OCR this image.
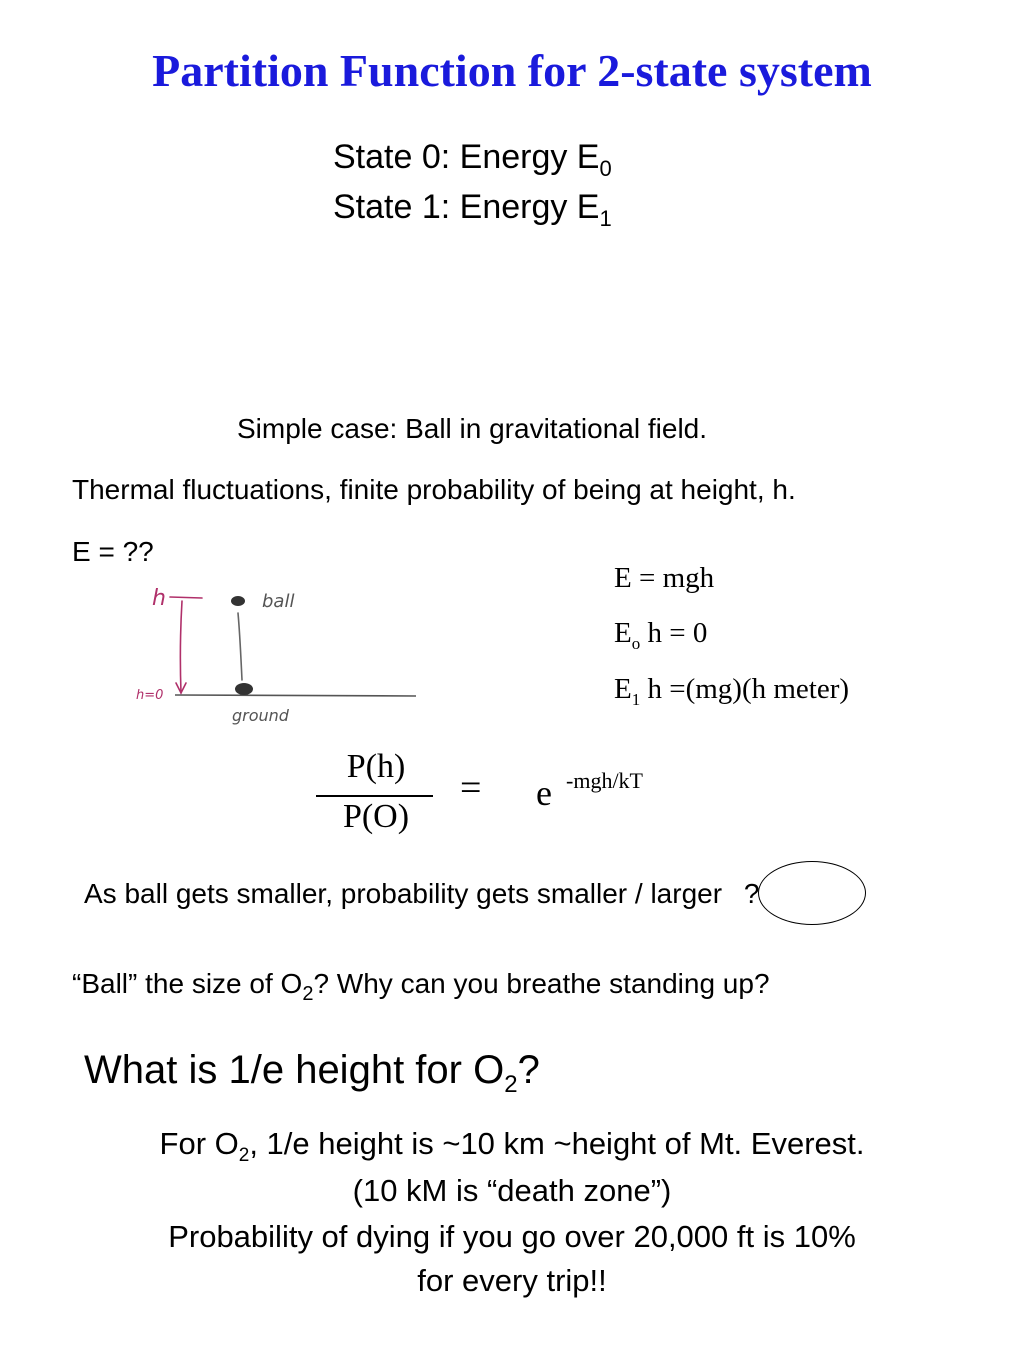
Partition Function for 2-state system
State 0: Energy $E_0$
State 1: Energy $E_1$
Simple case: Ball in gravitational field.
Thermal fluctuations, finite probability of being at height, h.
E = ??
h
h=0
ball
ground
E = mgh
$E_o$ h = 0
$E_1$ h =(mg)(h meter)
P(h)
P(O)
= e -mgh/kT
As ball gets smaller, probability gets smaller / larger ?
“Ball” the size of $O_2$? Why can you breathe standing up?
What is 1/e height for $O_2$?
For $O_2$, 1/e height is ~10 km ~height of Mt. Everest.
(10 kM is “death zone”)
Probability of dying if you go over 20,000 ft is 10%
for every trip!!
